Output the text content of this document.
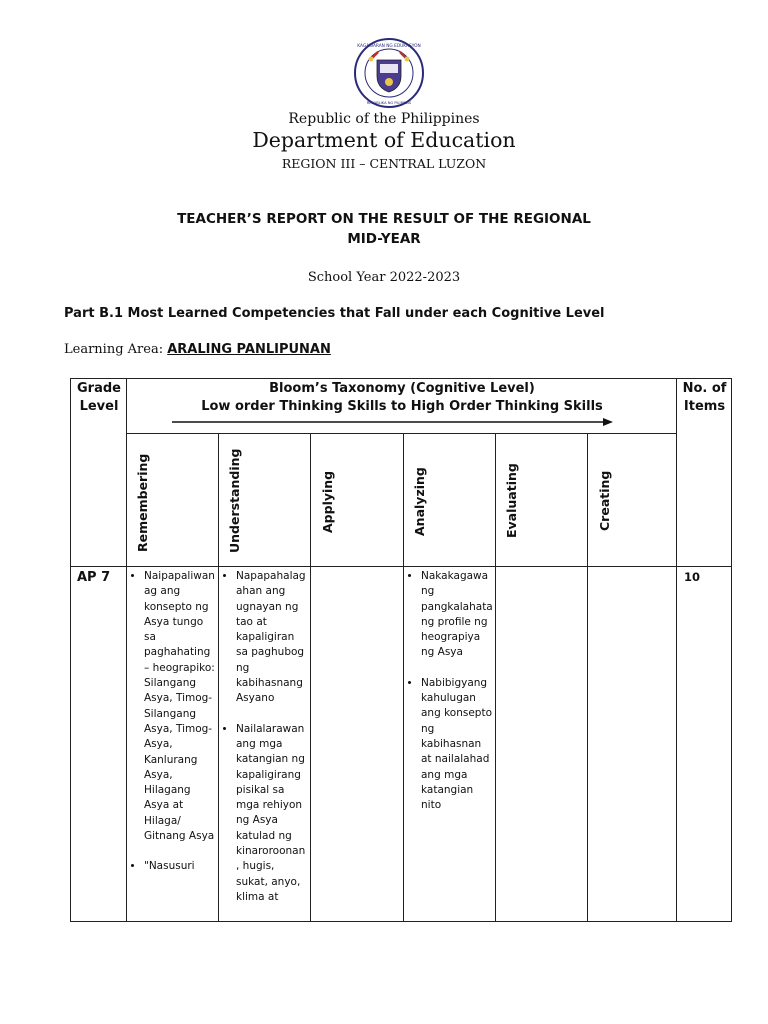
KAGAWARAN NG EDUKASYON
REPUBLIKA NG PILIPINAS
Republic of the Philippines
Department of Education
REGION III – CENTRAL LUZON
TEACHER’S REPORT ON THE RESULT OF THE REGIONAL
MID-YEAR
School Year 2022-2023
Part B.1 Most Learned Competencies that Fall under each Cognitive Level
Learning Area: ARALING PANLIPUNAN
Grade
Level
Bloom’s Taxonomy (Cognitive Level)
Low order Thinking Skills to High Order Thinking Skills
No. of
Items
Remembering	Understanding	Applying	Analyzing	Evaluating	Creating
AP 7
•	Naipapaliwanag ang konsepto ng Asya tungo sa paghahating – heograpiko: Silangang Asya, Timog-Silangang Asya, Timog-Asya, Kanlurang Asya, Hilagang Asya at Hilaga/ Gitnang Asya
• "Nasusuri
• Napapahalagahan ang ugnayan ng tao at kapaligiran sa paghubog ng kabihasnang Asyano
• Nailalarawan ang mga katangian ng kapaligirang pisikal sa mga rehiyon ng Asya katulad ng kinaroroonan, hugis, sukat, anyo, klima at
• Nakakagawa ng pangkalahatang profile ng heograpiya ng Asya
• Nabibigyang kahulugan ang konsepto ng kabihasnan at nailalahad ang mga katangian nito
10
